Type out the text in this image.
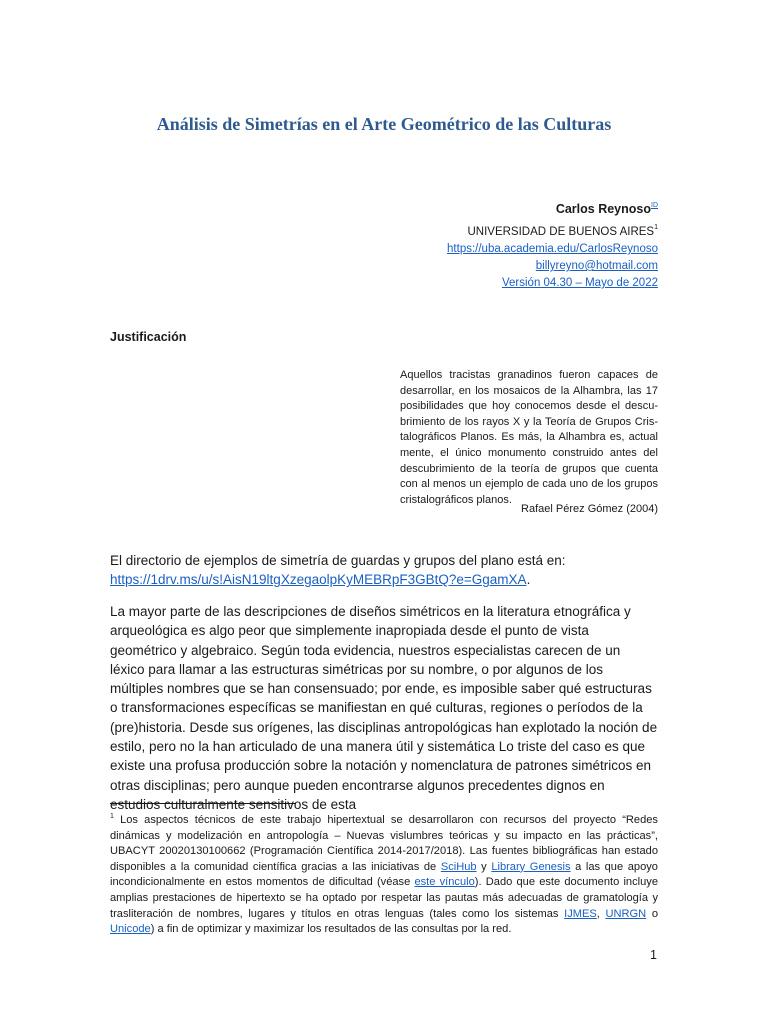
Análisis de Simetrías en el Arte Geométrico de las Culturas
Carlos Reynoso$^{ID}$
UNIVERSIDAD DE BUENOS AIRES$^1$
https://uba.academia.edu/CarlosReynoso
billyreyno@hotmail.com
Versión 04.30 – Mayo de 2022
Justificación
Aquellos tracistas granadinos fueron capaces de desarrollar, en los mosaicos de la Alhambra, las 17 posibilidades que hoy conocemos desde el descubrimiento de los rayos X y la Teoría de Grupos Cristalográficos Planos. Es más, la Alhambra es, actual mente, el único monumento construido antes del descubrimiento de la teoría de grupos que cuenta con al menos un ejemplo de cada uno de los grupos cristalográficos planos.
Rafael Pérez Gómez (2004)
El directorio de ejemplos de simetría de guardas y grupos del plano está en:
https://1drv.ms/u/s!AisN19ltgXzegaolpKyMEBRpF3GBtQ?e=GgamXA.
La mayor parte de las descripciones de diseños simétricos en la literatura etnográfica y arqueológica es algo peor que simplemente inapropiada desde el punto de vista geométrico y algebraico. Según toda evidencia, nuestros especialistas carecen de un léxico para llamar a las estructuras simétricas por su nombre, o por algunos de los múltiples nombres que se han consensuado; por ende, es imposible saber qué estructuras o transformaciones específicas se manifiestan en qué culturas, regiones o períodos de la (pre)historia. Desde sus orígenes, las disciplinas antropológicas han explotado la noción de estilo, pero no la han articulado de una manera útil y sistemática Lo triste del caso es que existe una profusa producción sobre la notación y nomenclatura de patrones simétricos en otras disciplinas; pero aunque pueden encontrarse algunos precedentes dignos en estudios culturalmente sensitivos de esta
$^1$ Los aspectos técnicos de este trabajo hipertextual se desarrollaron con recursos del proyecto “Redes dinámicas y modelización en antropología – Nuevas vislumbres teóricas y su impacto en las prácticas”, UBACYT 20020130100662 (Programación Científica 2014-2017/2018). Las fuentes bibliográficas han estado disponibles a la comunidad científica gracias a las iniciativas de SciHub y Library Genesis a las que apoyo incondicionalmente en estos momentos de dificultad (véase este vínculo). Dado que este documento incluye amplias prestaciones de hipertexto se ha optado por respetar las pautas más adecuadas de gramatología y trasliteración de nombres, lugares y títulos en otras lenguas (tales como los sistemas IJMES, UNRGN o Unicode) a fin de optimizar y maximizar los resultados de las consultas por la red.
1
